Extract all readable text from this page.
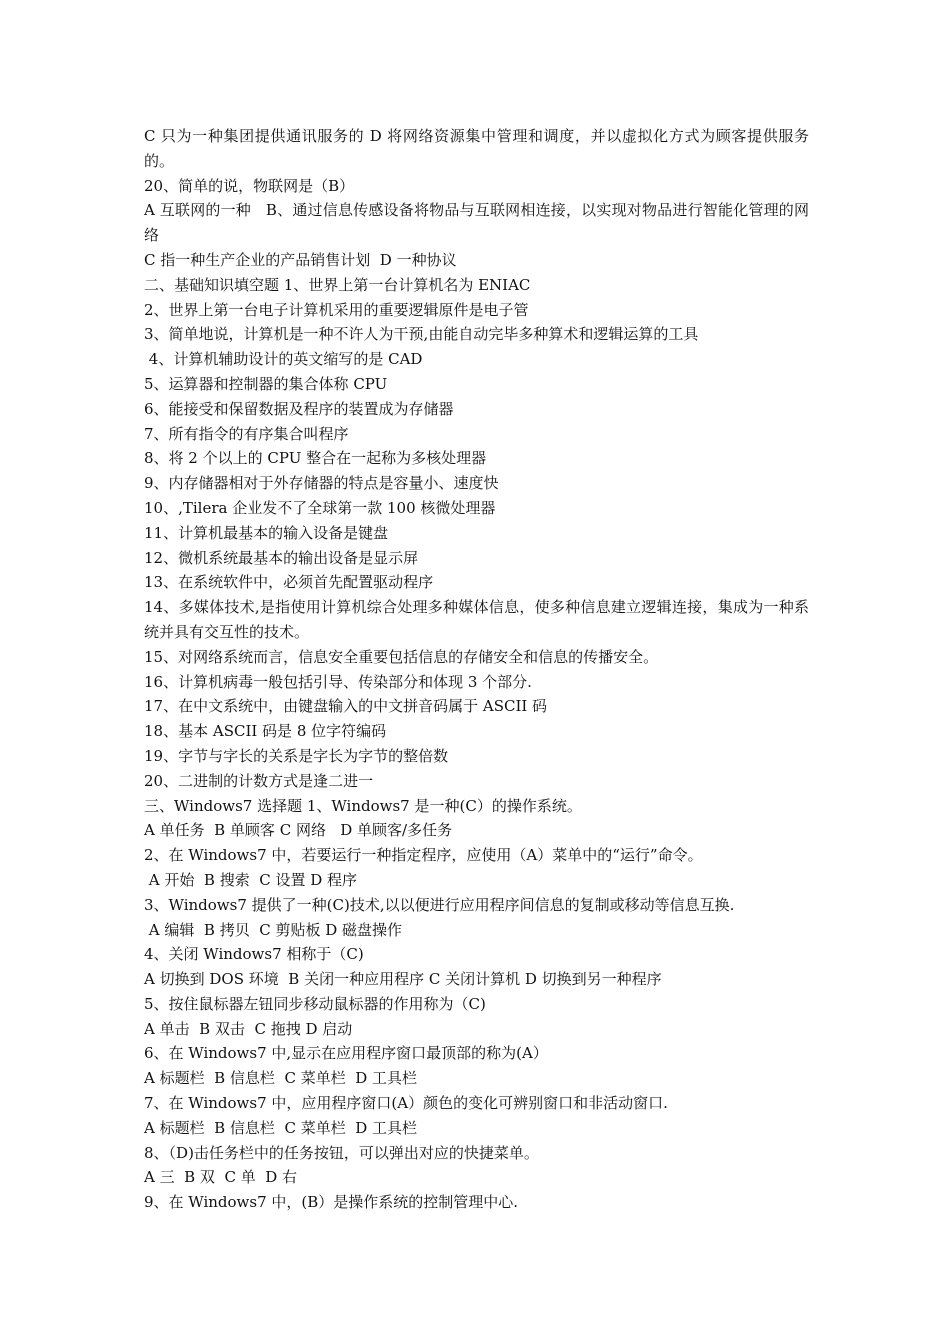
C 只为一种集团提供通讯服务的 D 将网络资源集中管理和调度，并以虚拟化方式为顾客提供服务的。

20、简单的说，物联网是（B）

A 互联网的一种   B、通过信息传感设备将物品与互联网相连接，以实现对物品进行智能化管理的网络

C 指一种生产企业的产品销售计划  D 一种协议

二、基础知识填空题 1、世界上第一台计算机名为 ENIAC

2、世界上第一台电子计算机采用的重要逻辑原件是电子管

3、简单地说，计算机是一种不许人为干预,由能自动完毕多种算术和逻辑运算的工具

4、计算机辅助设计的英文缩写的是 CAD

5、运算器和控制器的集合体称 CPU

6、能接受和保留数据及程序的装置成为存储器

7、所有指令的有序集合叫程序

8、将 2 个以上的 CPU 整合在一起称为多核处理器

9、内存储器相对于外存储器的特点是容量小、速度快

10、,Tilera 企业发不了全球第一款 100 核微处理器

11、计算机最基本的输入设备是键盘

12、微机系统最基本的输出设备是显示屏

13、在系统软件中，必须首先配置驱动程序

14、多媒体技术,是指使用计算机综合处理多种媒体信息，使多种信息建立逻辑连接，集成为一种系统并具有交互性的技术。

15、对网络系统而言，信息安全重要包括信息的存储安全和信息的传播安全。

16、计算机病毒一般包括引导、传染部分和体现 3 个部分.

17、在中文系统中，由键盘输入的中文拼音码属于 ASCII 码

18、基本 ASCII 码是 8 位字符编码

19、字节与字长的关系是字长为字节的整倍数

20、二进制的计数方式是逢二进一

三、Windows7 选择题 1、Windows7 是一种(C）的操作系统。

A 单任务  B 单顾客 C 网络   D 单顾客/多任务

2、在 Windows7 中，若要运行一种指定程序，应使用（A）菜单中的“运行”命令。

A 开始  B 搜索  C 设置 D 程序

3、Windows7 提供了一种(C)技术,以以便进行应用程序间信息的复制或移动等信息互换.

A 编辑  B 拷贝  C 剪贴板 D 磁盘操作

4、关闭 Windows7 相称于（C)

A 切换到 DOS 环境  B 关闭一种应用程序 C 关闭计算机 D 切换到另一种程序

5、按住鼠标器左钮同步移动鼠标器的作用称为（C)

A 单击  B 双击  C 拖拽 D 启动

6、在 Windows7 中,显示在应用程序窗口最顶部的称为(A）

A 标题栏  B 信息栏  C 菜单栏  D 工具栏

7、在 Windows7 中，应用程序窗口(A）颜色的变化可辨别窗口和非活动窗口.

A 标题栏  B 信息栏  C 菜单栏  D 工具栏

8、（D)击任务栏中的任务按钮，可以弹出对应的快捷菜单。

A 三  B 双  C 单  D 右

9、在 Windows7 中，(B）是操作系统的控制管理中心.
